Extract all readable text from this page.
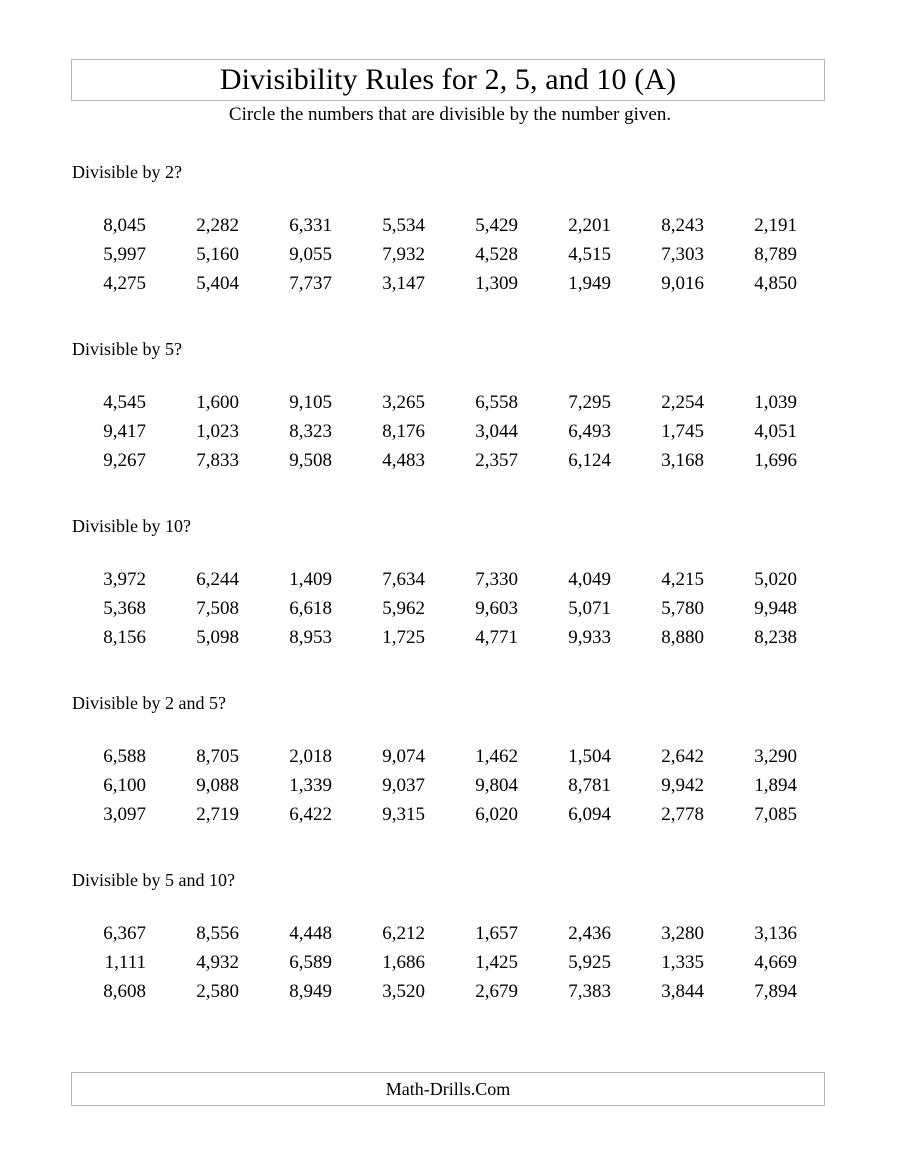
Divisibility Rules for 2, 5, and 10 (A)
Circle the numbers that are divisible by the number given.
Divisible by 2?
8,045	2,282	6,331	5,534	5,429	2,201	8,243	2,191
5,997	5,160	9,055	7,932	4,528	4,515	7,303	8,789
4,275	5,404	7,737	3,147	1,309	1,949	9,016	4,850
Divisible by 5?
4,545	1,600	9,105	3,265	6,558	7,295	2,254	1,039
9,417	1,023	8,323	8,176	3,044	6,493	1,745	4,051
9,267	7,833	9,508	4,483	2,357	6,124	3,168	1,696
Divisible by 10?
3,972	6,244	1,409	7,634	7,330	4,049	4,215	5,020
5,368	7,508	6,618	5,962	9,603	5,071	5,780	9,948
8,156	5,098	8,953	1,725	4,771	9,933	8,880	8,238
Divisible by 2 and 5?
6,588	8,705	2,018	9,074	1,462	1,504	2,642	3,290
6,100	9,088	1,339	9,037	9,804	8,781	9,942	1,894
3,097	2,719	6,422	9,315	6,020	6,094	2,778	7,085
Divisible by 5 and 10?
6,367	8,556	4,448	6,212	1,657	2,436	3,280	3,136
1,111	4,932	6,589	1,686	1,425	5,925	1,335	4,669
8,608	2,580	8,949	3,520	2,679	7,383	3,844	7,894
Math-Drills.Com
